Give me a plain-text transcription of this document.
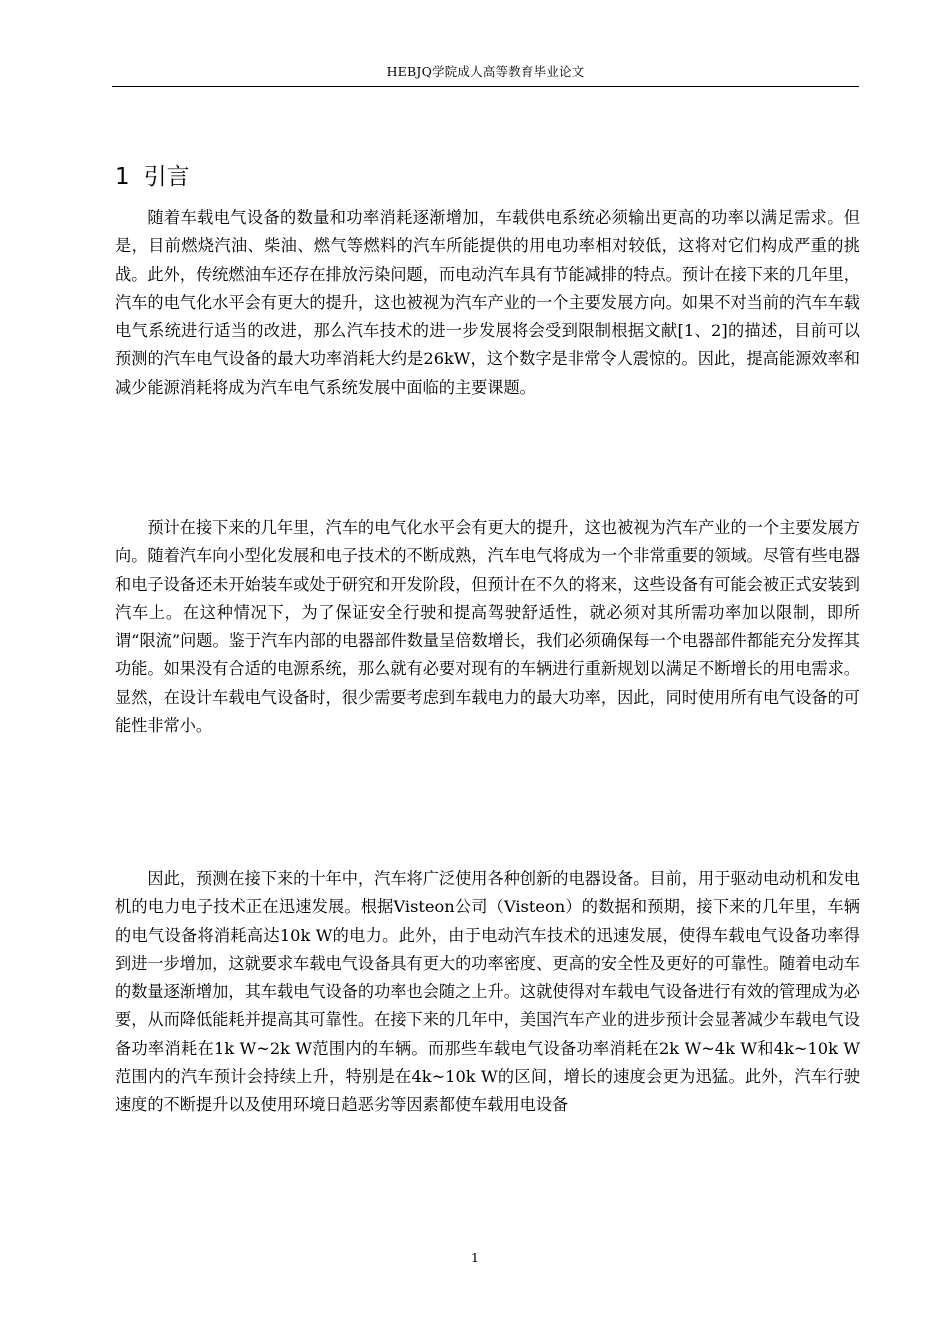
HEBJQ学院成人高等教育毕业论文
1 引言

随着车载电气设备的数量和功率消耗逐渐增加，车载供电系统必须输出更高的功率以满足需求。但是，目前燃烧汽油、柴油、燃气等燃料的汽车所能提供的用电功率相对较低，这将对它们构成严重的挑战。此外，传统燃油车还存在排放污染问题，而电动汽车具有节能减排的特点。预计在接下来的几年里，汽车的电气化水平会有更大的提升，这也被视为汽车产业的一个主要发展方向。如果不对当前的汽车车载电气系统进行适当的改进，那么汽车技术的进一步发展将会受到限制根据文献[1、2]的描述，目前可以预测的汽车电气设备的最大功率消耗大约是26kW，这个数字是非常令人震惊的。因此，提高能源效率和减少能源消耗将成为汽车电气系统发展中面临的主要课题。

预计在接下来的几年里，汽车的电气化水平会有更大的提升，这也被视为汽车产业的一个主要发展方向。随着汽车向小型化发展和电子技术的不断成熟，汽车电气将成为一个非常重要的领域。尽管有些电器和电子设备还未开始装车或处于研究和开发阶段，但预计在不久的将来，这些设备有可能会被正式安装到汽车上。在这种情况下，为了保证安全行驶和提高驾驶舒适性，就必须对其所需功率加以限制，即所谓“限流”问题。鉴于汽车内部的电器部件数量呈倍数增长，我们必须确保每一个电器部件都能充分发挥其功能。如果没有合适的电源系统，那么就有必要对现有的车辆进行重新规划以满足不断增长的用电需求。显然，在设计车载电气设备时，很少需要考虑到车载电力的最大功率，因此，同时使用所有电气设备的可能性非常小。

因此，预测在接下来的十年中，汽车将广泛使用各种创新的电器设备。目前，用于驱动电动机和发电机的电力电子技术正在迅速发展。根据Visteon公司（Visteon）的数据和预期，接下来的几年里，车辆的电气设备将消耗高达10k W的电力。此外，由于电动汽车技术的迅速发展，使得车载电气设备功率得到进一步增加，这就要求车载电气设备具有更大的功率密度、更高的安全性及更好的可靠性。随着电动车的数量逐渐增加，其车载电气设备的功率也会随之上升。这就使得对车载电气设备进行有效的管理成为必要，从而降低能耗并提高其可靠性。在接下来的几年中，美国汽车产业的进步预计会显著减少车载电气设备功率消耗在1k W~2k W范围内的车辆。而那些车载电气设备功率消耗在2k W~4k W和4k~10k W范围内的汽车预计会持续上升，特别是在4k~10k W的区间，增长的速度会更为迅猛。此外，汽车行驶速度的不断提升以及使用环境日趋恶劣等因素都使车载用电设备

1
